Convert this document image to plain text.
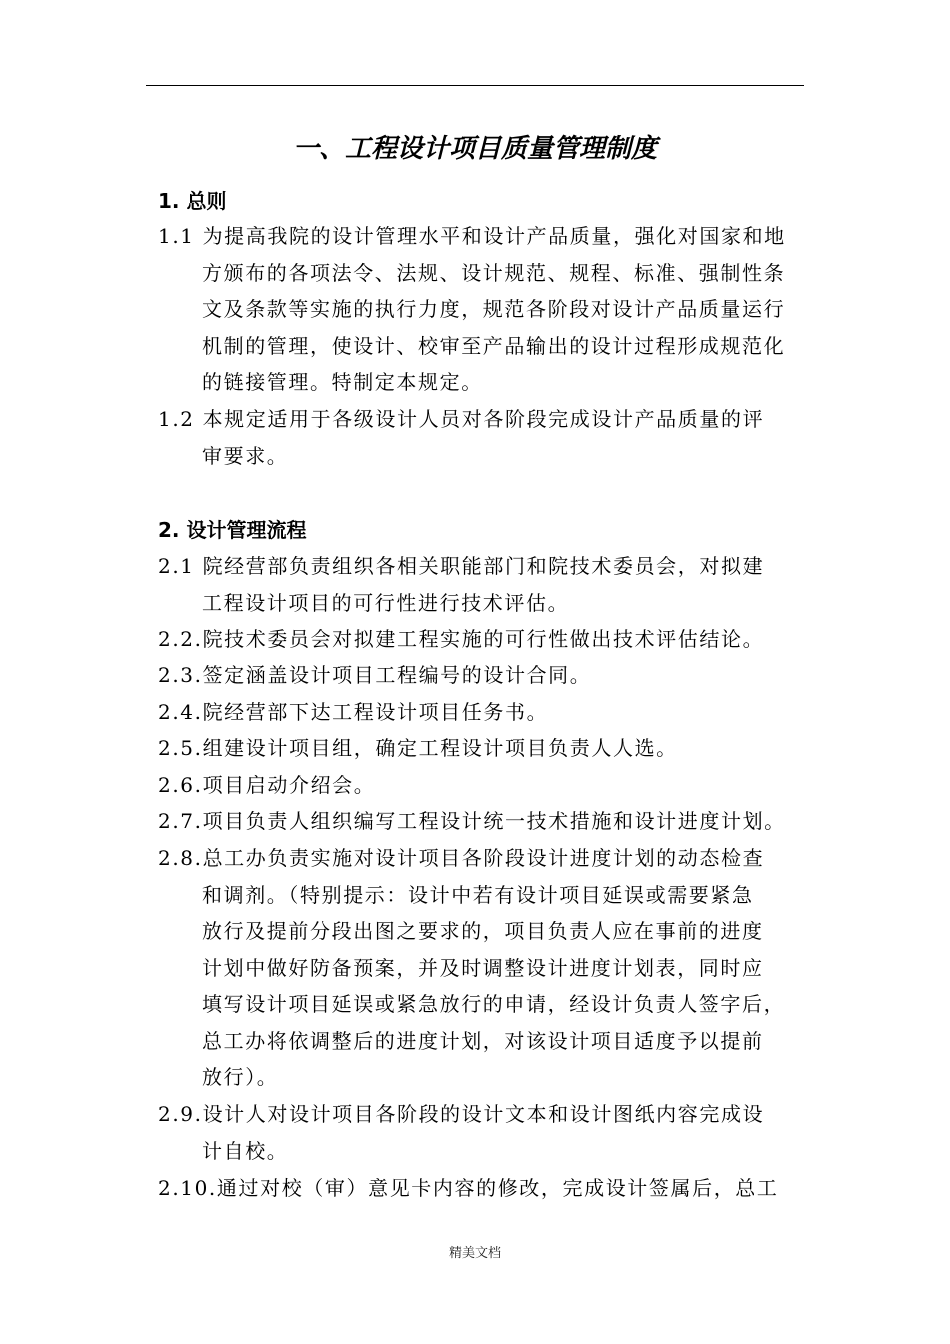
一、工程设计项目质量管理制度
1. 总则
1.1 为提高我院的设计管理水平和设计产品质量，强化对国家和地
方颁布的各项法令、法规、设计规范、规程、标准、强制性条
文及条款等实施的执行力度，规范各阶段对设计产品质量运行
机制的管理，使设计、校审至产品输出的设计过程形成规范化
的链接管理。特制定本规定。
1.2 本规定适用于各级设计人员对各阶段完成设计产品质量的评
审要求。
2. 设计管理流程
2.1 院经营部负责组织各相关职能部门和院技术委员会，对拟建
工程设计项目的可行性进行技术评估。
2.2.院技术委员会对拟建工程实施的可行性做出技术评估结论。
2.3.签定涵盖设计项目工程编号的设计合同。
2.4.院经营部下达工程设计项目任务书。
2.5.组建设计项目组，确定工程设计项目负责人人选。
2.6.项目启动介绍会。
2.7.项目负责人组织编写工程设计统一技术措施和设计进度计划。
2.8.总工办负责实施对设计项目各阶段设计进度计划的动态检查
和调剂。（特别提示：设计中若有设计项目延误或需要紧急
放行及提前分段出图之要求的，项目负责人应在事前的进度
计划中做好防备预案，并及时调整设计进度计划表，同时应
填写设计项目延误或紧急放行的申请，经设计负责人签字后，
总工办将依调整后的进度计划，对该设计项目适度予以提前
放行）。
2.9.设计人对设计项目各阶段的设计文本和设计图纸内容完成设
计自校。
2.10.通过对校（审）意见卡内容的修改，完成设计签属后，总工
精美文档
